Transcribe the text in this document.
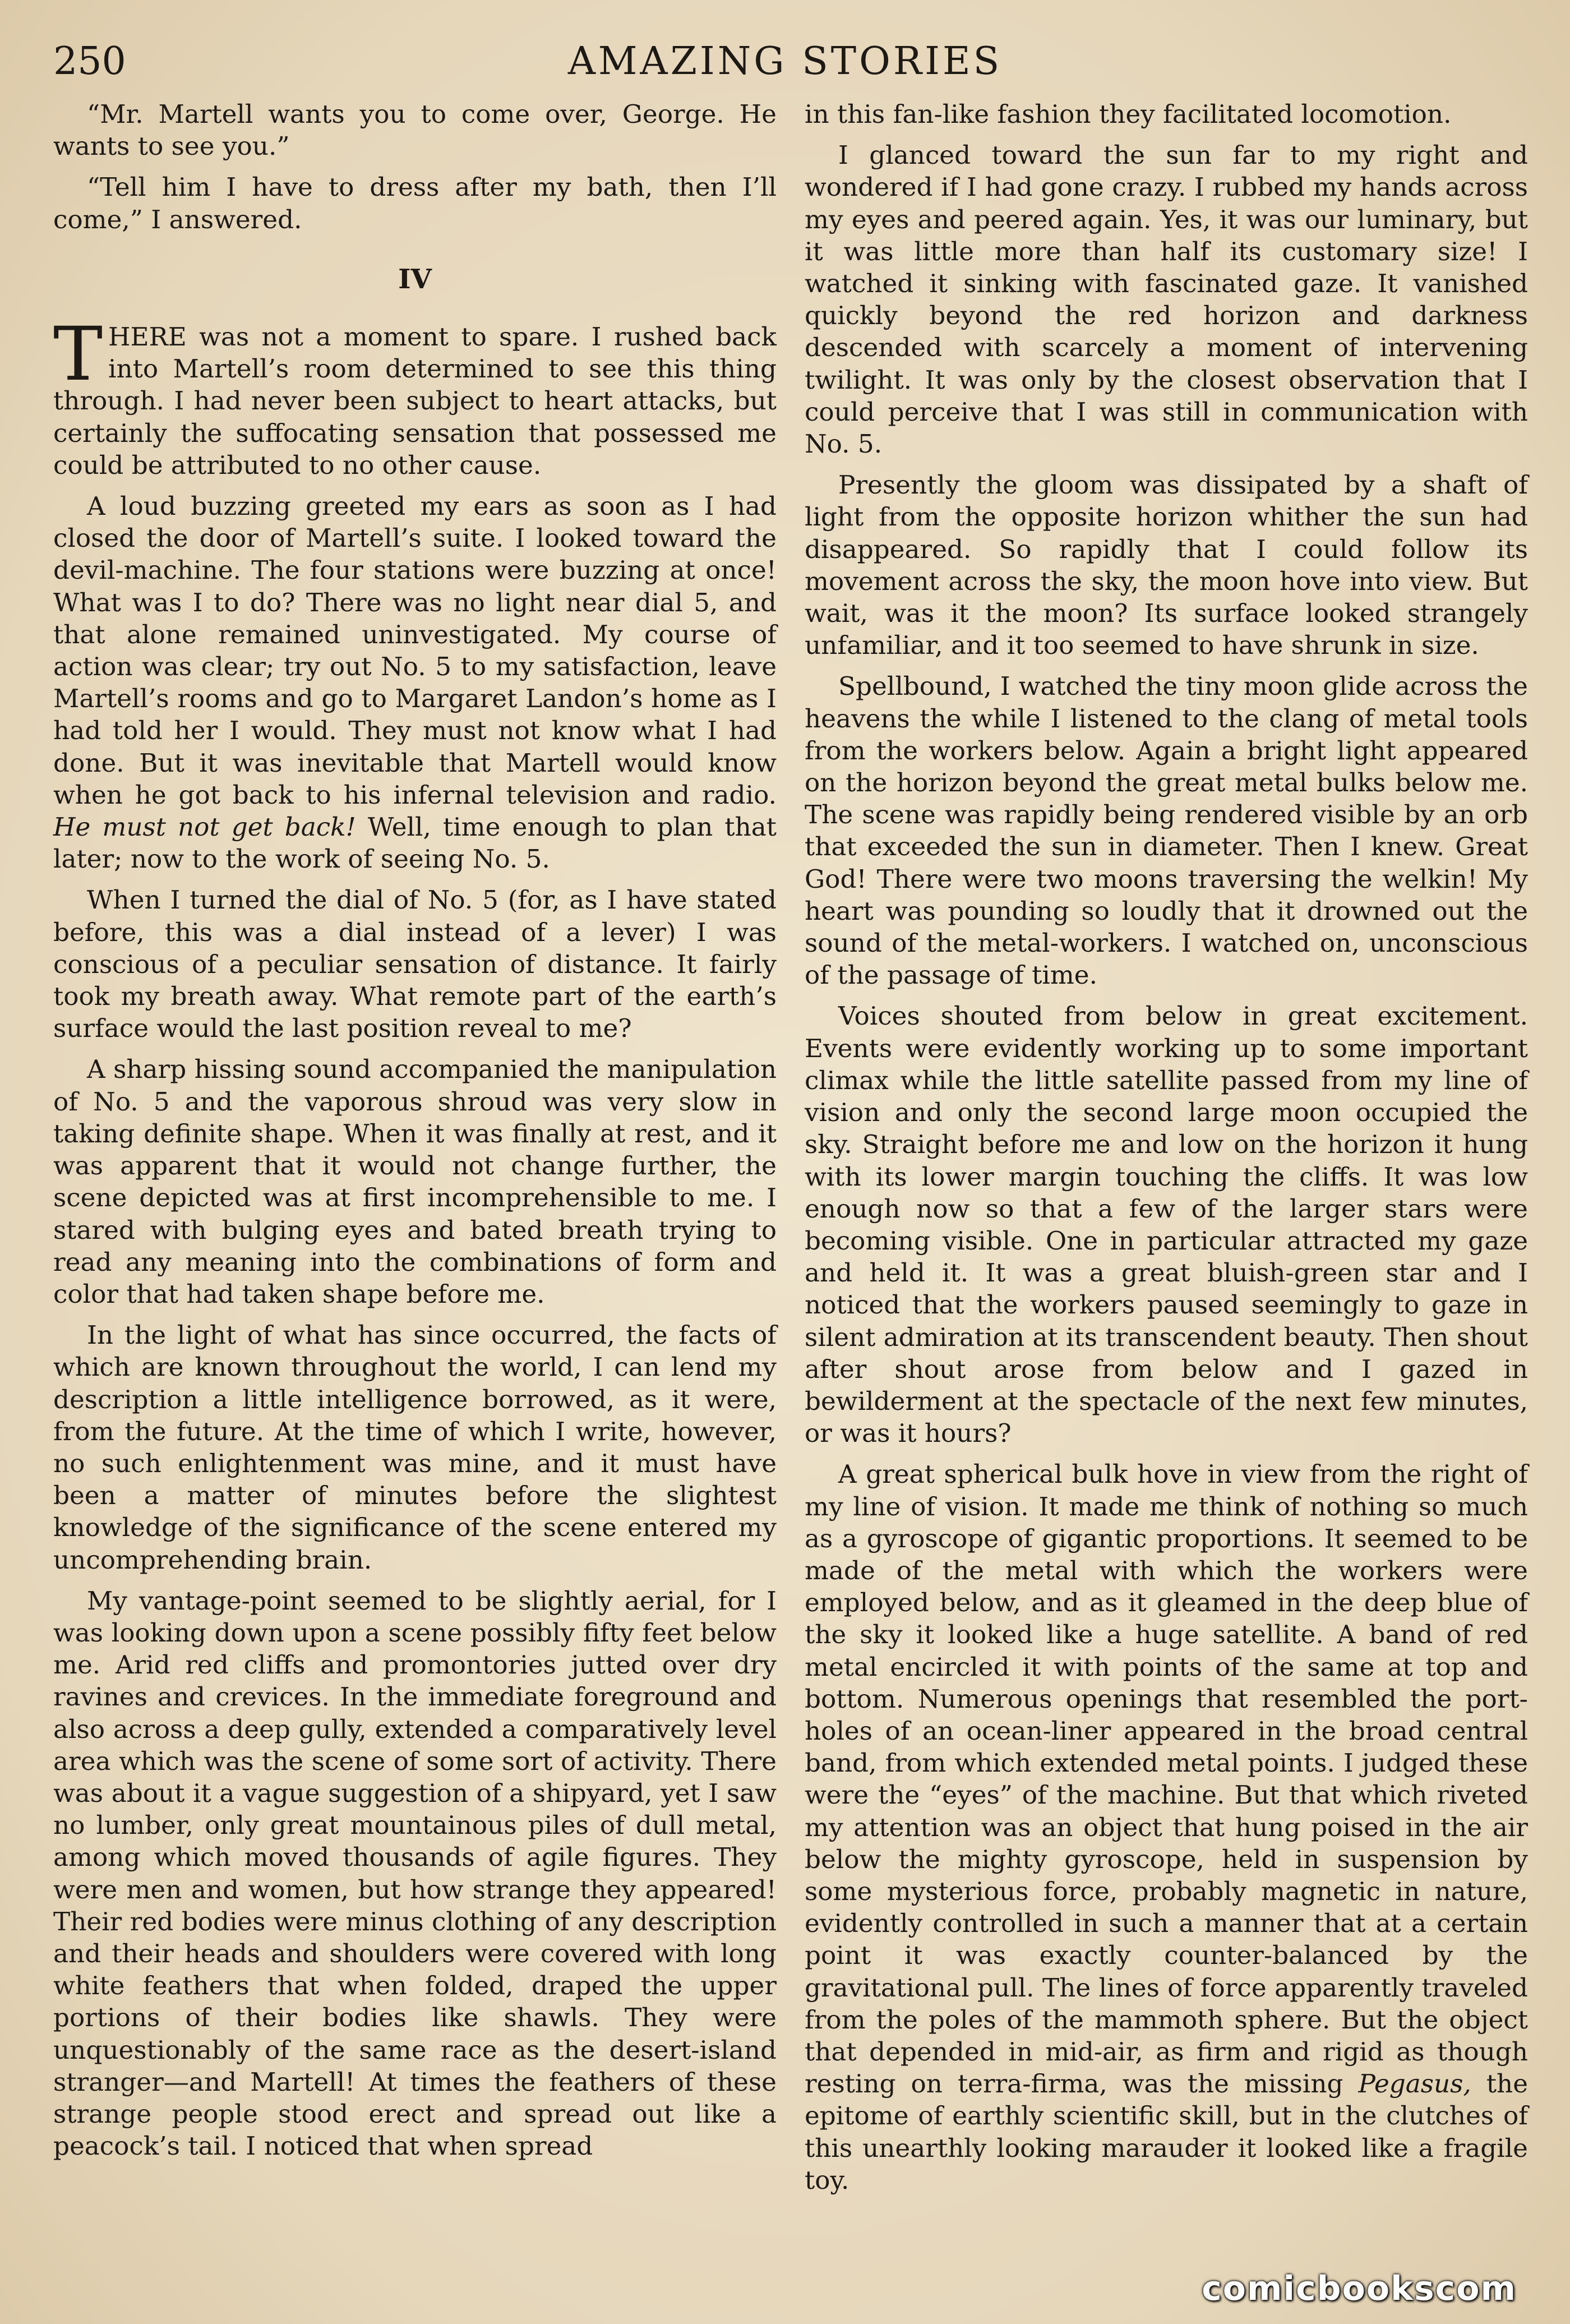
250	AMAZING STORIES

“Mr. Martell wants you to come over, George. He wants to see you.”

“Tell him I have to dress after my bath, then I’ll come,” I answered.

IV

THERE was not a moment to spare. I rushed back into Martell’s room determined to see this thing through. I had never been subject to heart attacks, but certainly the suffocating sensation that possessed me could be attributed to no other cause.

A loud buzzing greeted my ears as soon as I had closed the door of Martell’s suite. I looked toward the devil-machine. The four stations were buzzing at once! What was I to do? There was no light near dial 5, and that alone remained uninvestigated. My course of action was clear; try out No. 5 to my satisfaction, leave Martell’s rooms and go to Margaret Landon’s home as I had told her I would. They must not know what I had done. But it was inevitable that Martell would know when he got back to his infernal television and radio. He must not get back! Well, time enough to plan that later; now to the work of seeing No. 5.

When I turned the dial of No. 5 (for, as I have stated before, this was a dial instead of a lever) I was conscious of a peculiar sensation of distance. It fairly took my breath away. What remote part of the earth’s surface would the last position reveal to me?

A sharp hissing sound accompanied the manipulation of No. 5 and the vaporous shroud was very slow in taking definite shape. When it was finally at rest, and it was apparent that it would not change further, the scene depicted was at first incomprehensible to me. I stared with bulging eyes and bated breath trying to read any meaning into the combinations of form and color that had taken shape before me.

In the light of what has since occurred, the facts of which are known throughout the world, I can lend my description a little intelligence borrowed, as it were, from the future. At the time of which I write, however, no such enlightenment was mine, and it must have been a matter of minutes before the slightest knowledge of the significance of the scene entered my uncomprehending brain.

My vantage-point seemed to be slightly aerial, for I was looking down upon a scene possibly fifty feet below me. Arid red cliffs and promontories jutted over dry ravines and crevices. In the immediate foreground and also across a deep gully, extended a comparatively level area which was the scene of some sort of activity. There was about it a vague suggestion of a shipyard, yet I saw no lumber, only great mountainous piles of dull metal, among which moved thousands of agile figures. They were men and women, but how strange they appeared! Their red bodies were minus clothing of any description and their heads and shoulders were covered with long white feathers that when folded, draped the upper portions of their bodies like shawls. They were unquestionably of the same race as the desert-island stranger—and Martell! At times the feathers of these strange people stood erect and spread out like a peacock’s tail. I noticed that when spread

in this fan-like fashion they facilitated locomotion.

I glanced toward the sun far to my right and wondered if I had gone crazy. I rubbed my hands across my eyes and peered again. Yes, it was our luminary, but it was little more than half its customary size! I watched it sinking with fascinated gaze. It vanished quickly beyond the red horizon and darkness descended with scarcely a moment of intervening twilight. It was only by the closest observation that I could perceive that I was still in communication with No. 5.

Presently the gloom was dissipated by a shaft of light from the opposite horizon whither the sun had disappeared. So rapidly that I could follow its movement across the sky, the moon hove into view. But wait, was it the moon? Its surface looked strangely unfamiliar, and it too seemed to have shrunk in size.

Spellbound, I watched the tiny moon glide across the heavens the while I listened to the clang of metal tools from the workers below. Again a bright light appeared on the horizon beyond the great metal bulks below me. The scene was rapidly being rendered visible by an orb that exceeded the sun in diameter. Then I knew. Great God! There were two moons traversing the welkin! My heart was pounding so loudly that it drowned out the sound of the metal-workers. I watched on, unconscious of the passage of time.

Voices shouted from below in great excitement. Events were evidently working up to some important climax while the little satellite passed from my line of vision and only the second large moon occupied the sky. Straight before me and low on the horizon it hung with its lower margin touching the cliffs. It was low enough now so that a few of the larger stars were becoming visible. One in particular attracted my gaze and held it. It was a great bluish-green star and I noticed that the workers paused seemingly to gaze in silent admiration at its transcendent beauty. Then shout after shout arose from below and I gazed in bewilderment at the spectacle of the next few minutes, or was it hours?

A great spherical bulk hove in view from the right of my line of vision. It made me think of nothing so much as a gyroscope of gigantic proportions. It seemed to be made of the metal with which the workers were employed below, and as it gleamed in the deep blue of the sky it looked like a huge satellite. A band of red metal encircled it with points of the same at top and bottom. Numerous openings that resembled the port-holes of an ocean-liner appeared in the broad central band, from which extended metal points. I judged these were the “eyes” of the machine. But that which riveted my attention was an object that hung poised in the air below the mighty gyroscope, held in suspension by some mysterious force, probably magnetic in nature, evidently controlled in such a manner that at a certain point it was exactly counter-balanced by the gravitational pull. The lines of force apparently traveled from the poles of the mammoth sphere. But the object that depended in mid-air, as firm and rigid as though resting on terra-firma, was the missing Pegasus, the epitome of earthly scientific skill, but in the clutches of this unearthly looking marauder it looked like a fragile toy.

comicbookscom
